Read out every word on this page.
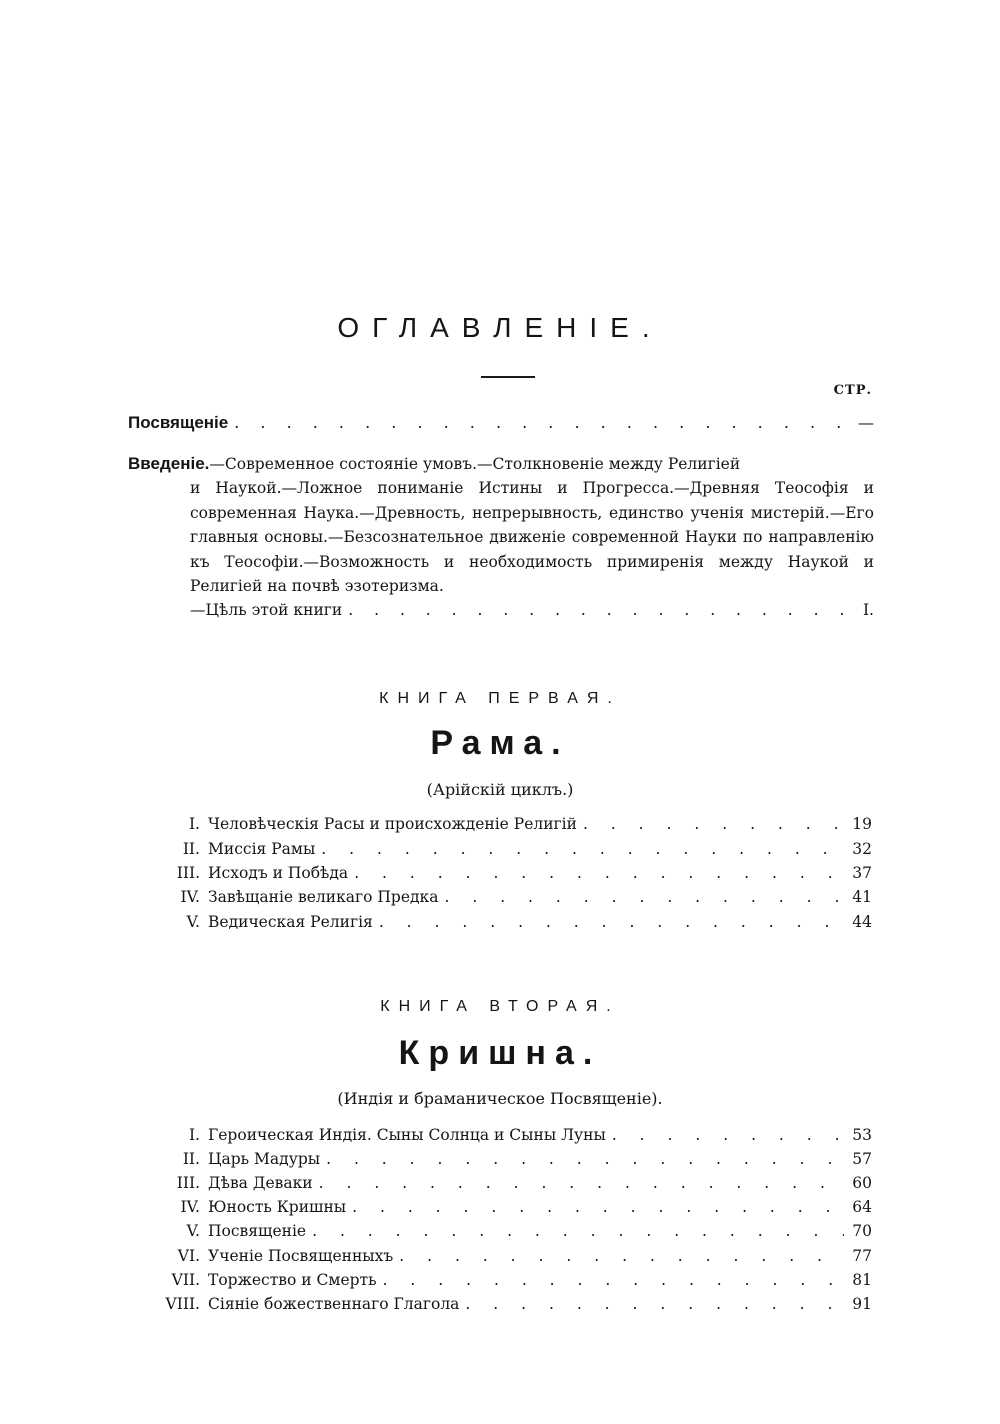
ОГЛАВЛЕНІЕ.
СТР.
Посвященіе . . .	—
Введеніе.—Современное состояніе умовъ.—Столкновеніе между Религіей
и Наукой.—Ложное пониманіе Истины и Прогресса.—Древняя Теософія и современная Наука.—Древность, непрерывность, единство ученія мистерій.—Его главныя основы.—Безсознательное движеніе современной Науки по направленію къ Теософіи.—Возможность и необходимость примиренія между Наукой и Религіей на почвѣ эзотеризма.
—Цѣль этой книги . . .	I.
КНИГА ПЕРВАЯ.
Рама.
(Арійскій циклъ.)
I. Человѣческія Расы и происхожденіе Религій . . .	19
II. Миссія Рамы . . .	32
III. Исходъ и Побѣда . . .	37
IV. Завѣщаніе великаго Предка . . .	41
V. Ведическая Религія . . .	44
КНИГА ВТОРАЯ.
Кришна.
(Индія и браманическое Посвященіе).
I. Героическая Индія. Сыны Солнца и Сыны Луны . . .	53
II. Царь Мадуры . . .	57
III. Дѣва Деваки . . .	60
IV. Юность Кришны . . .	64
V. Посвященіе . . .	70
VI. Ученіе Посвященныхъ . . .	77
VII. Торжество и Смерть . . .	81
VIII. Сіяніе божественнаго Глагола . . .	91
